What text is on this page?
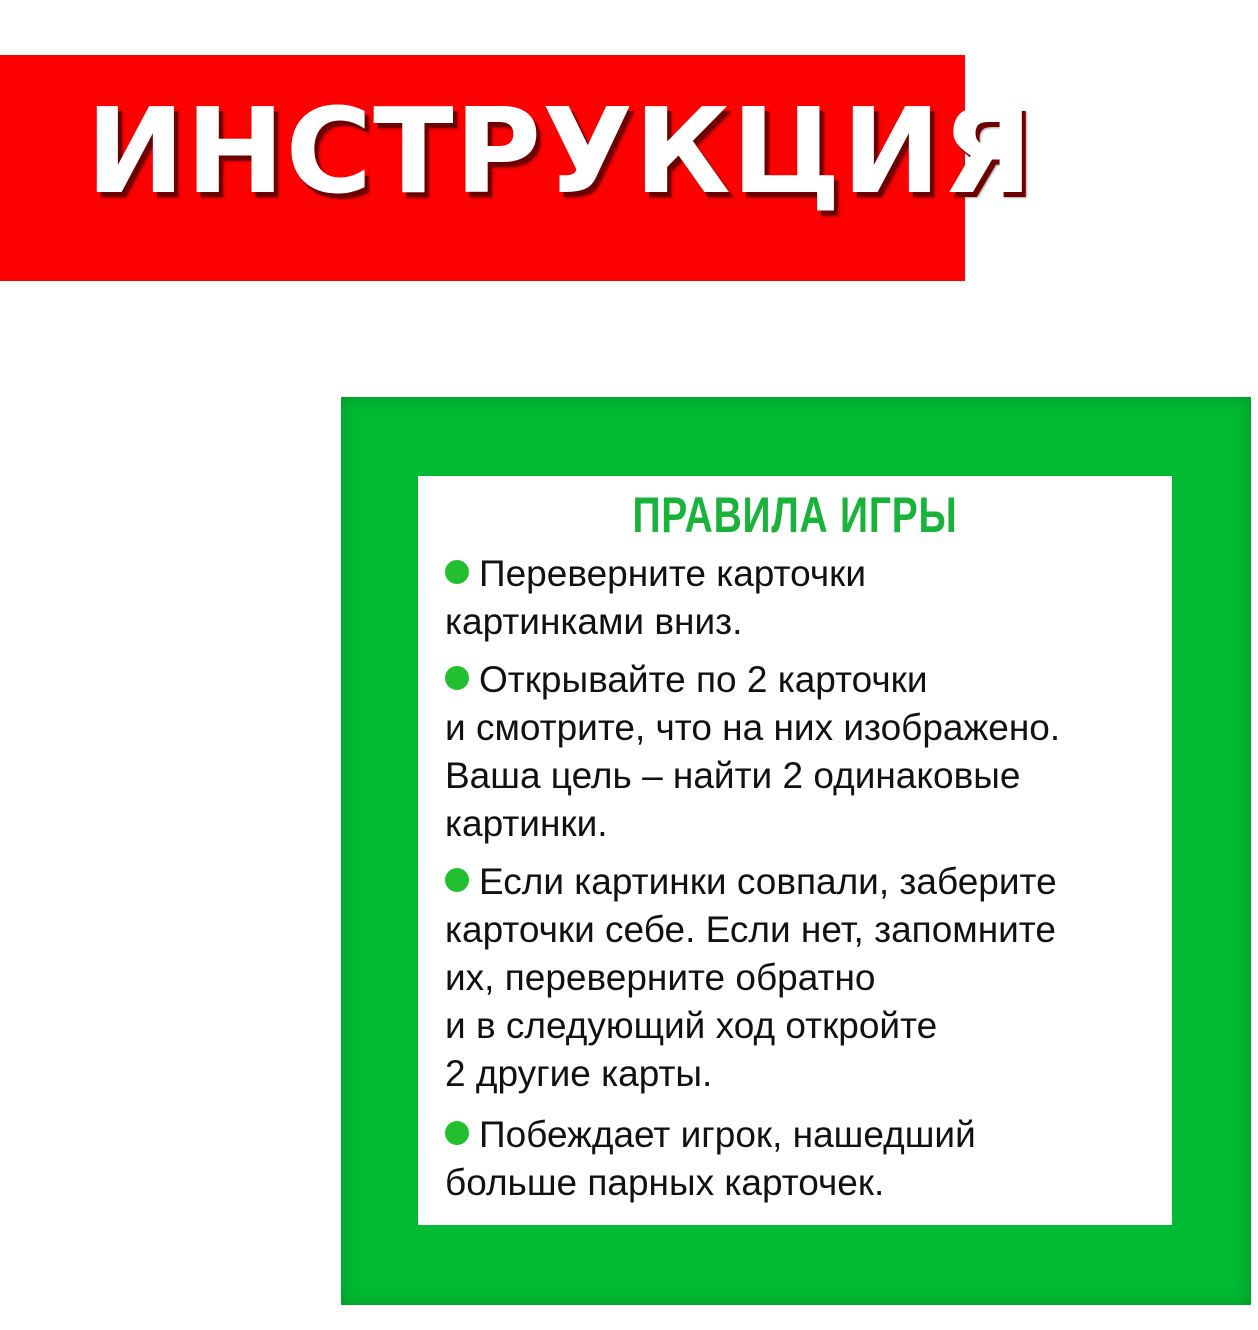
ИНСТРУКЦИЯ
ПРАВИЛА ИГРЫ

Переверните карточки
картинками вниз.

Открывайте по 2 карточки
и смотрите, что на них изображено.
Ваша цель – найти 2 одинаковые
картинки.

Если картинки совпали, заберите
карточки себе. Если нет, запомните
их, переверните обратно
и в следующий ход откройте
2 другие карты.

Побеждает игрок, нашедший
больше парных карточек.
